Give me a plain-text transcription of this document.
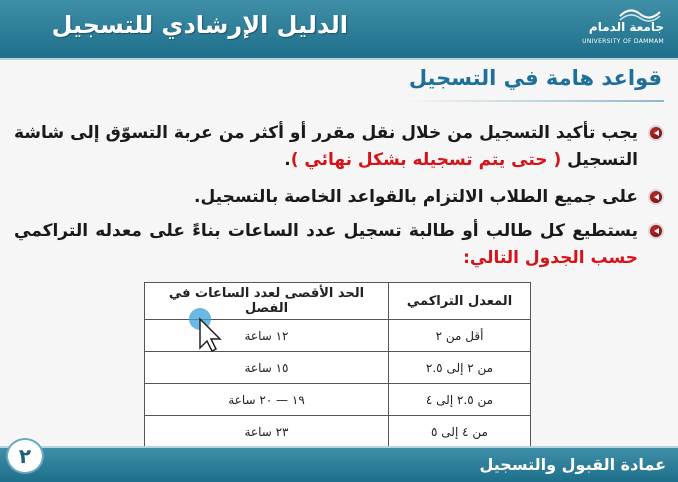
الدليل الإرشادي للتسجيل	جامعة الدمام
UNIVERSITY OF DAMMAM
قواعد هامة في التسجيل
يجب تأكيد التسجيل من خلال نقل مقرر أو أكثر من عربة التسوّق إلى شاشة التسجيل ( حتى يتم تسجيله بشكل نهائي ).
على جميع الطلاب الالتزام بالقواعد الخاصة بالتسجيل.
يستطيع كل طالب أو طالبة تسجيل عدد الساعات بناءً على معدله التراكمي حسب الجدول التالي:
المعدل التراكمي	الحد الأقصى لعدد الساعات في الفصل
أقل من ٢	١٢ ساعة
من ٢ إلى ٢.٥	١٥ ساعة
من ٢.٥ إلى ٤	١٩ — ٢٠ ساعة
من ٤ إلى ٥	٢٣ ساعة
عمادة القبول والتسجيل
٢
